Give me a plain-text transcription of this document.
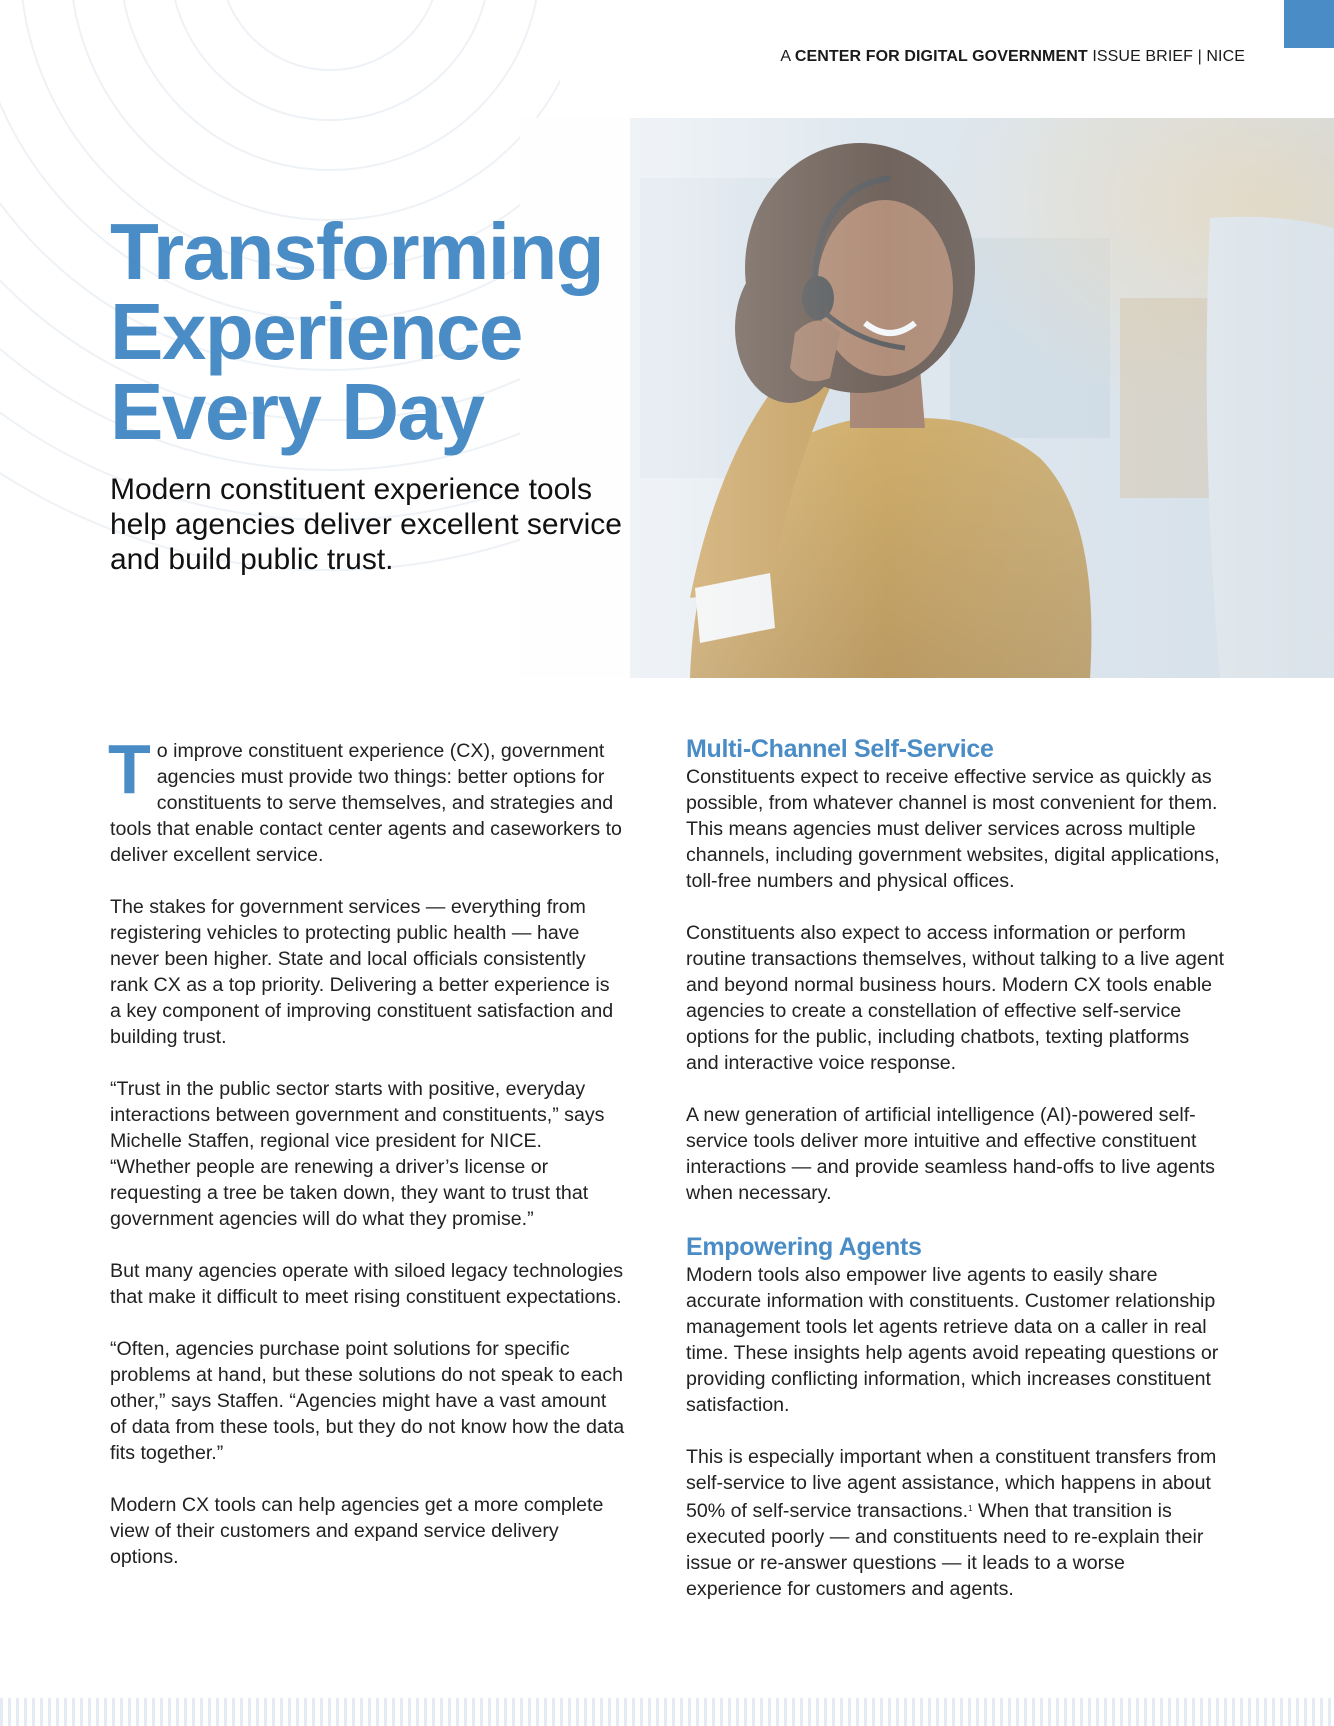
A CENTER FOR DIGITAL GOVERNMENT ISSUE BRIEF | NICE
Transforming
Experience
Every Day

Modern constituent experience tools help agencies deliver excellent service and build public trust.

To improve constituent experience (CX), government agencies must provide two things: better options for constituents to serve themselves, and strategies and tools that enable contact center agents and caseworkers to deliver excellent service.

The stakes for government services — everything from registering vehicles to protecting public health — have never been higher. State and local officials consistently rank CX as a top priority. Delivering a better experience is a key component of improving constituent satisfaction and building trust.

“Trust in the public sector starts with positive, everyday interactions between government and constituents,” says Michelle Staffen, regional vice president for NICE. “Whether people are renewing a driver’s license or requesting a tree be taken down, they want to trust that government agencies will do what they promise.”

But many agencies operate with siloed legacy technologies that make it difficult to meet rising constituent expectations.

“Often, agencies purchase point solutions for specific problems at hand, but these solutions do not speak to each other,” says Staffen. “Agencies might have a vast amount of data from these tools, but they do not know how the data fits together.”

Modern CX tools can help agencies get a more complete view of their customers and expand service delivery options.

Multi-Channel Self-Service

Constituents expect to receive effective service as quickly as possible, from whatever channel is most convenient for them. This means agencies must deliver services across multiple channels, including government websites, digital applications, toll-free numbers and physical offices.

Constituents also expect to access information or perform routine transactions themselves, without talking to a live agent and beyond normal business hours. Modern CX tools enable agencies to create a constellation of effective self-service options for the public, including chatbots, texting platforms and interactive voice response.

A new generation of artificial intelligence (AI)-powered self-service tools deliver more intuitive and effective constituent interactions — and provide seamless hand-offs to live agents when necessary.

Empowering Agents

Modern tools also empower live agents to easily share accurate information with constituents. Customer relationship management tools let agents retrieve data on a caller in real time. These insights help agents avoid repeating questions or providing conflicting information, which increases constituent satisfaction.

This is especially important when a constituent transfers from self-service to live agent assistance, which happens in about 50% of self-service transactions.$^1$ When that transition is executed poorly — and constituents need to re-explain their issue or re-answer questions — it leads to a worse experience for customers and agents.
